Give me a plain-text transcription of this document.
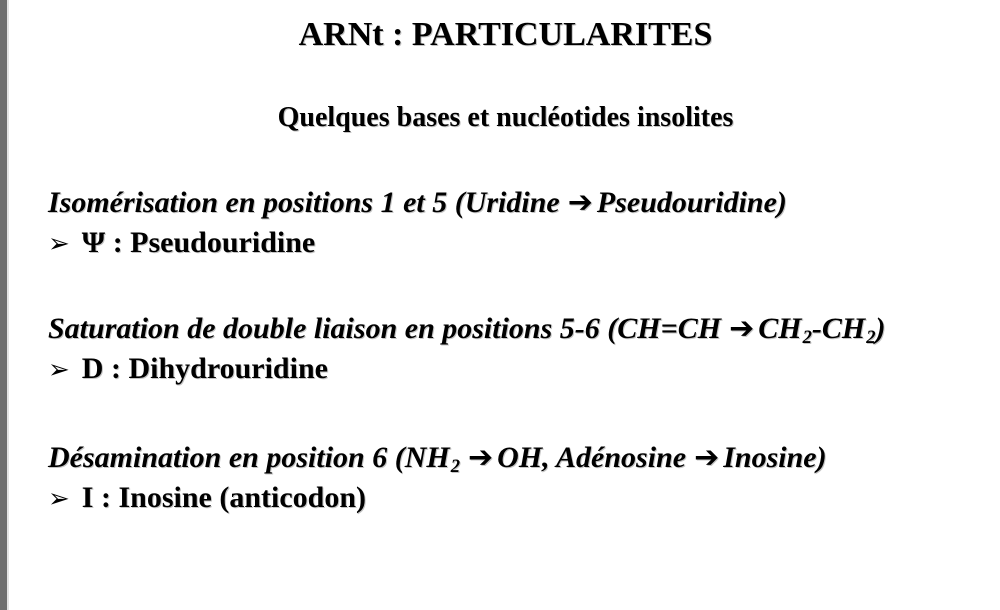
ARNt : PARTICULARITES
Quelques bases et nucléotides insolites
Isomérisation en positions 1 et 5 (Uridine ➔ Pseudouridine)
➢ Ψ : Pseudouridine
Saturation de double liaison en positions 5-6 (CH=CH ➔ $CH_2-CH_2$)
➢ D : Dihydrouridine
Désamination en position 6 ($NH_2$ ➔ OH, Adénosine ➔ Inosine)
➢ I : Inosine (anticodon)
